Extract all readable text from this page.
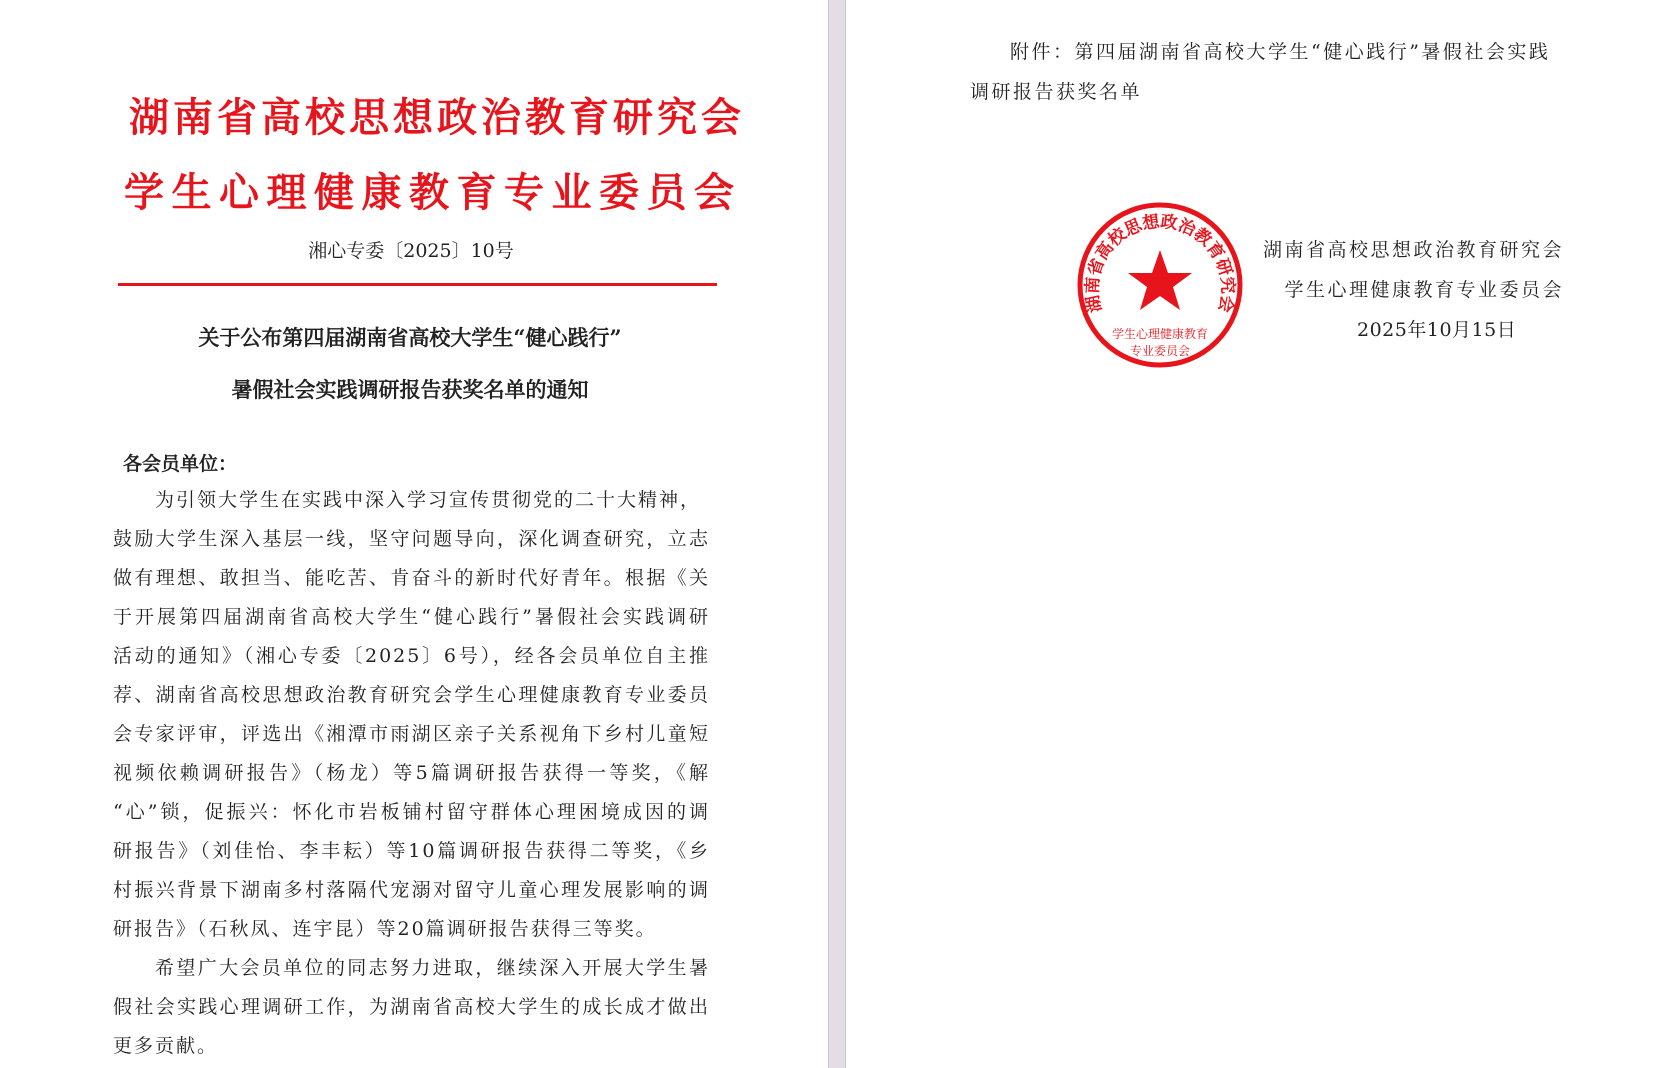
湖南省高校思想政治教育研究会
学生心理健康教育专业委员会
湘心专委〔2025〕10号
关于公布第四届湖南省高校大学生“健心践行”
暑假社会实践调研报告获奖名单的通知
各会员单位：
为引领大学生在实践中深入学习宣传贯彻党的二十大精神，
鼓励大学生深入基层一线，坚守问题导向，深化调查研究，立志
做有理想、敢担当、能吃苦、肯奋斗的新时代好青年。根据《关
于开展第四届湖南省高校大学生“健心践行”暑假社会实践调研
活动的通知》（湘心专委〔2025〕6号），经各会员单位自主推
荐、湖南省高校思想政治教育研究会学生心理健康教育专业委员
会专家评审，评选出《湘潭市雨湖区亲子关系视角下乡村儿童短
视频依赖调研报告》（杨龙）等5篇调研报告获得一等奖，《解
“心”锁，促振兴：怀化市岩板铺村留守群体心理困境成因的调
研报告》（刘佳怡、李丰耘）等10篇调研报告获得二等奖，《乡
村振兴背景下湖南多村落隔代宠溺对留守儿童心理发展影响的调
研报告》（石秋凤、连宇昆）等20篇调研报告获得三等奖。
希望广大会员单位的同志努力进取，继续深入开展大学生暑
假社会实践心理调研工作，为湖南省高校大学生的成长成才做出
更多贡献。
附件：第四届湖南省高校大学生“健心践行”暑假社会实践
调研报告获奖名单
湖南省高校思想政治教育研究会
学生心理健康教育
专业委员会
湖南省高校思想政治教育研究会
学生心理健康教育专业委员会
2025年10月15日
